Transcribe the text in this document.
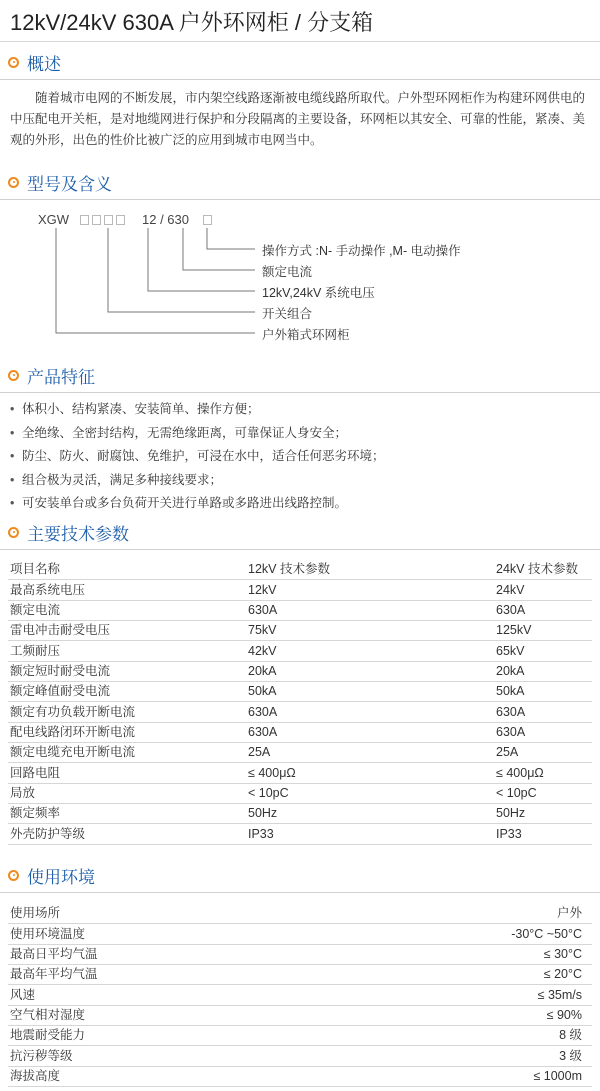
12kV/24kV 630A 户外环网柜 / 分支箱
概述

随着城市电网的不断发展，市内架空线路逐渐被电缆线路所取代。户外型环网柜作为构建环网供电的中压配电开关柜，是对地缆网进行保护和分段隔离的主要设备，环网柜以其安全、可靠的性能，紧凑、美观的外形，出色的性价比被广泛的应用到城市电网当中。

型号及含义
XGW	12 / 630
操作方式 :N- 手动操作 ,M- 电动操作
额定电流
12kV,24kV 系统电压
开关组合
户外箱式环网柜
产品特征
• 体积小、结构紧凑、安装简单、操作方便；
• 全绝缘、全密封结构，无需绝缘距离，可靠保证人身安全；
• 防尘、防火、耐腐蚀、免维护，可浸在水中，适合任何恶劣环境；
• 组合极为灵活，满足多种接线要求；
• 可安装单台或多台负荷开关进行单路或多路进出线路控制。
主要技术参数
项目名称	12kV 技术参数	24kV 技术参数
最高系统电压	12kV	24kV
额定电流	630A	630A
雷电冲击耐受电压	75kV	125kV
工频耐压	42kV	65kV
额定短时耐受电流	20kA	20kA
额定峰值耐受电流	50kA	50kA
额定有功负载开断电流	630A	630A
配电线路闭环开断电流	630A	630A
额定电缆充电开断电流	25A	25A
回路电阻	≤ 400μΩ	≤ 400μΩ
局放	< 10pC	< 10pC
额定频率	50Hz	50Hz
外壳防护等级	IP33	IP33
使用环境
使用场所	户外
使用环境温度	-30°C ~50°C
最高日平均气温	≤ 30°C
最高年平均气温	≤ 20°C
风速	≤ 35m/s
空气相对湿度	≤ 90%
地震耐受能力	8 级
抗污秽等级	3 级
海拔高度	≤ 1000m
